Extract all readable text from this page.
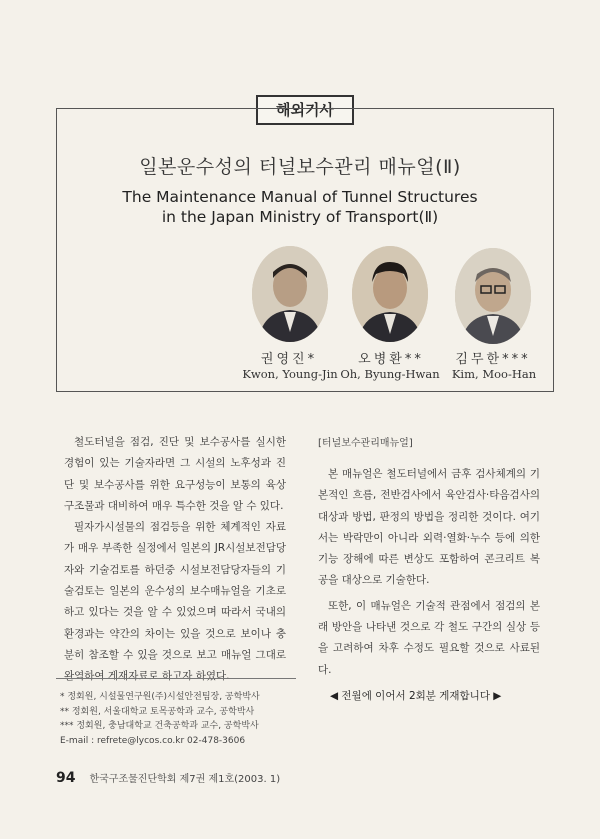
해외기사
일본운수성의 터널보수관리 매뉴얼(Ⅱ)
The Maintenance Manual of Tunnel Structures
in the Japan Ministry of Transport(Ⅱ)
권영진*	오병환**	김무한***
Kwon, Young-Jin Oh, Byung-Hwan	Kim, Moo-Han

철도터널을 점검, 진단 및 보수공사를 실시한 경험이 있는 기술자라면 그 시설의 노후성과 진단 및 보수공사를 위한 요구성능이 보통의 육상구조물과 대비하여 매우 특수한 것을 알 수 있다.

필자가시설물의 점검등을 위한 체계적인 자료가 매우 부족한 실정에서 일본의 JR시설보전담당자와 기술검토를 하던중 시설보전담당자들의 기술검토는 일본의 운수성의 보수매뉴얼을 기초로 하고 있다는 것을 알 수 있었으며 따라서 국내의 환경과는 약간의 차이는 있을 것으로 보이나 충분히 참조할 수 있을 것으로 보고 매뉴얼 그대로 완역하여 게재자료로 하고자 하였다.

[터널보수관리매뉴얼]

본 매뉴얼은 철도터널에서 금후 검사체계의 기본적인 흐름, 전반검사에서 육안검사·타음검사의 대상과 방법, 판정의 방법을 정리한 것이다. 여기서는 박락만이 아니라 외력·열화·누수 등에 의한 기능 장해에 따른 변상도 포함하여 콘크리트 복공을 대상으로 기술한다.

또한, 이 매뉴얼은 기술적 관점에서 점검의 본래 방안을 나타낸 것으로 각 철도 구간의 실상 등을 고려하여 차후 수정도 필요할 것으로 사료된다.

* 정회원, 시설물연구원(주)시설안전팀장, 공학박사
** 정회원, 서울대학교 토목공학과 교수, 공학박사
*** 정회원, 충남대학교 건축공학과 교수, 공학박사
E-mail : refrete@lycos.co.kr 02-478-3606
◀ 전월에 이어서 2회분 게재합니다 ▶
94 한국구조물진단학회 제7권 제1호(2003. 1)
